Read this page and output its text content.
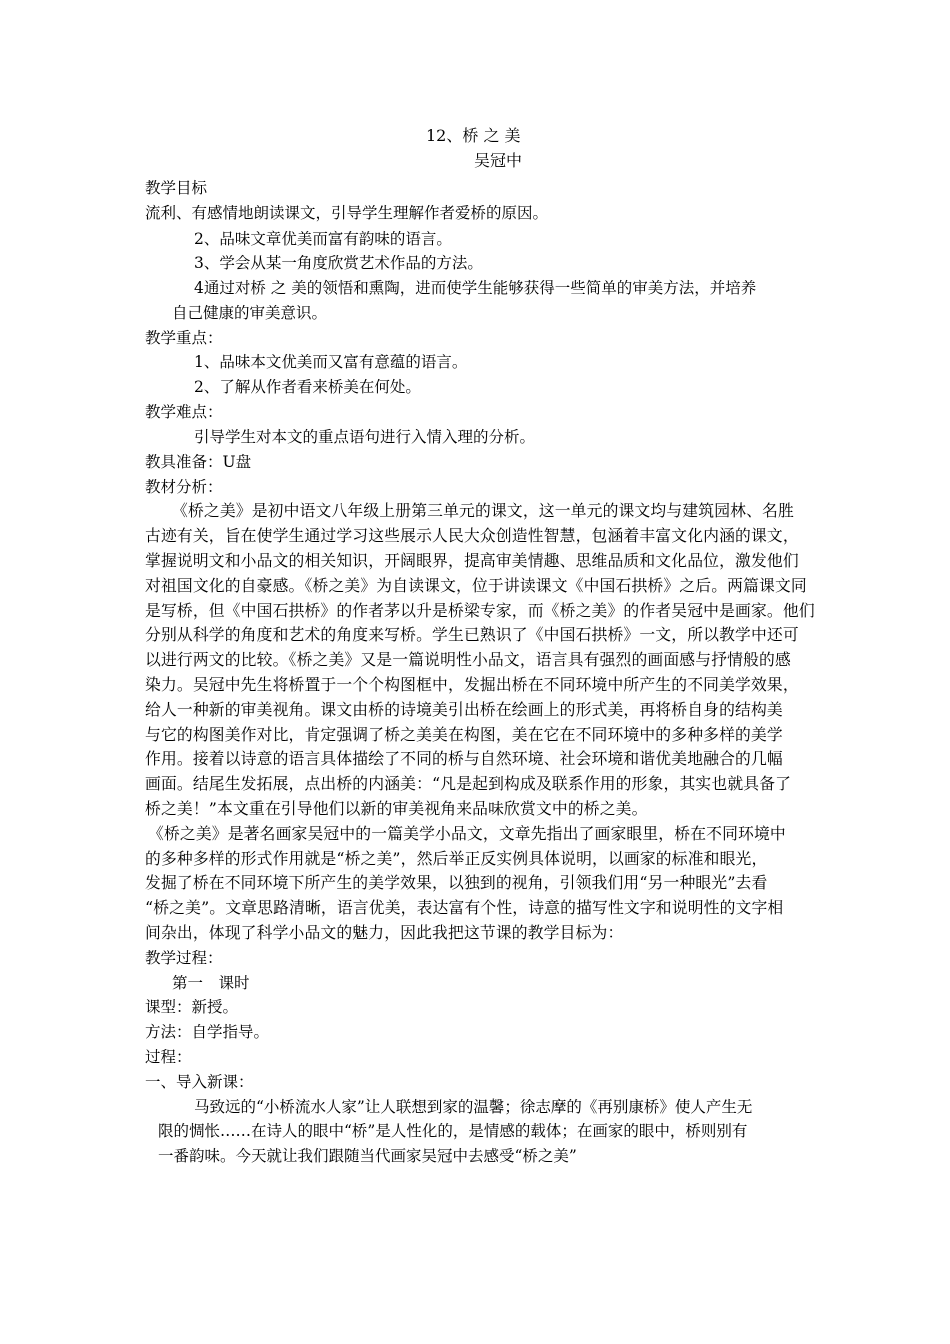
12、桥 之 美
吴冠中
教学目标
流利、有感情地朗读课文，引导学生理解作者爱桥的原因。
2、品味文章优美而富有韵味的语言。
3、学会从某一角度欣赏艺术作品的方法。
4通过对桥 之 美的领悟和熏陶，进而使学生能够获得一些简单的审美方法，并培养
自己健康的审美意识。
教学重点：
1、品味本文优美而又富有意蕴的语言。
2、了解从作者看来桥美在何处。
教学难点：
引导学生对本文的重点语句进行入情入理的分析。
教具准备：U盘
教材分析：
《桥之美》是初中语文八年级上册第三单元的课文，这一单元的课文均与建筑园林、名胜
古迹有关，旨在使学生通过学习这些展示人民大众创造性智慧，包涵着丰富文化内涵的课文，
掌握说明文和小品文的相关知识，开阔眼界，提高审美情趣、思维品质和文化品位，激发他们
对祖国文化的自豪感。《桥之美》为自读课文，位于讲读课文《中国石拱桥》之后。两篇课文同
是写桥，但《中国石拱桥》的作者茅以升是桥梁专家，而《桥之美》的作者吴冠中是画家。他们
分别从科学的角度和艺术的角度来写桥。学生已熟识了《中国石拱桥》一文，所以教学中还可
以进行两文的比较。《桥之美》又是一篇说明性小品文，语言具有强烈的画面感与抒情般的感
染力。吴冠中先生将桥置于一个个构图框中，发掘出桥在不同环境中所产生的不同美学效果，
给人一种新的审美视角。课文由桥的诗境美引出桥在绘画上的形式美，再将桥自身的结构美
与它的构图美作对比，肯定强调了桥之美美在构图，美在它在不同环境中的多种多样的美学
作用。接着以诗意的语言具体描绘了不同的桥与自然环境、社会环境和谐优美地融合的几幅
画面。结尾生发拓展，点出桥的内涵美：“凡是起到构成及联系作用的形象，其实也就具备了
桥之美！”本文重在引导他们以新的审美视角来品味欣赏文中的桥之美。
《桥之美》是著名画家吴冠中的一篇美学小品文，文章先指出了画家眼里，桥在不同环境中
的多种多样的形式作用就是“桥之美”，然后举正反实例具体说明，以画家的标准和眼光，
发掘了桥在不同环境下所产生的美学效果，以独到的视角，引领我们用“另一种眼光”去看
“桥之美”。文章思路清晰，语言优美，表达富有个性，诗意的描写性文字和说明性的文字相
间杂出，体现了科学小品文的魅力，因此我把这节课的教学目标为：
教学过程：
第一　课时
课型：新授。
方法：自学指导。
过程：
一、导入新课：
马致远的“小桥流水人家”让人联想到家的温馨；徐志摩的《再别康桥》使人产生无
限的惆怅……在诗人的眼中“桥”是人性化的，是情感的载体；在画家的眼中，桥则别有
一番韵味。今天就让我们跟随当代画家吴冠中去感受“桥之美”
